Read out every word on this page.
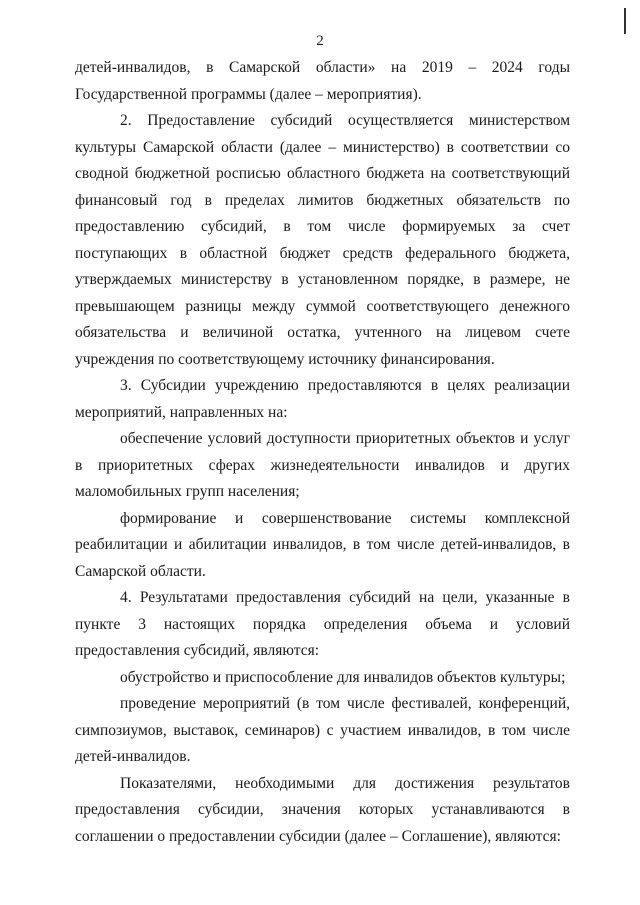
2

детей-инвалидов, в Самарской области» на 2019 – 2024 годы Государственной программы (далее – мероприятия).

2. Предоставление субсидий осуществляется министерством культуры Самарской области (далее – министерство) в соответствии со сводной бюджетной росписью областного бюджета на соответствующий финансовый год в пределах лимитов бюджетных обязательств по предоставлению субсидий, в том числе формируемых за счет поступающих в областной бюджет средств федерального бюджета, утверждаемых министерству в установленном порядке, в размере, не превышающем разницы между суммой соответствующего денежного обязательства и величиной остатка, учтенного на лицевом счете учреждения по соответствующему источнику финансирования.

3. Субсидии учреждению предоставляются в целях реализации мероприятий, направленных на:

обеспечение условий доступности приоритетных объектов и услуг в приоритетных сферах жизнедеятельности инвалидов и других маломобильных групп населения;

формирование и совершенствование системы комплексной реабилитации и абилитации инвалидов, в том числе детей-инвалидов, в Самарской области.

4. Результатами предоставления субсидий на цели, указанные в пункте 3 настоящих порядка определения объема и условий предоставления субсидий, являются:

обустройство и приспособление для инвалидов объектов культуры;

проведение мероприятий (в том числе фестивалей, конференций, симпозиумов, выставок, семинаров) с участием инвалидов, в том числе детей-инвалидов.

Показателями, необходимыми для достижения результатов предоставления субсидии, значения которых устанавливаются в соглашении о предоставлении субсидии (далее – Соглашение), являются:
